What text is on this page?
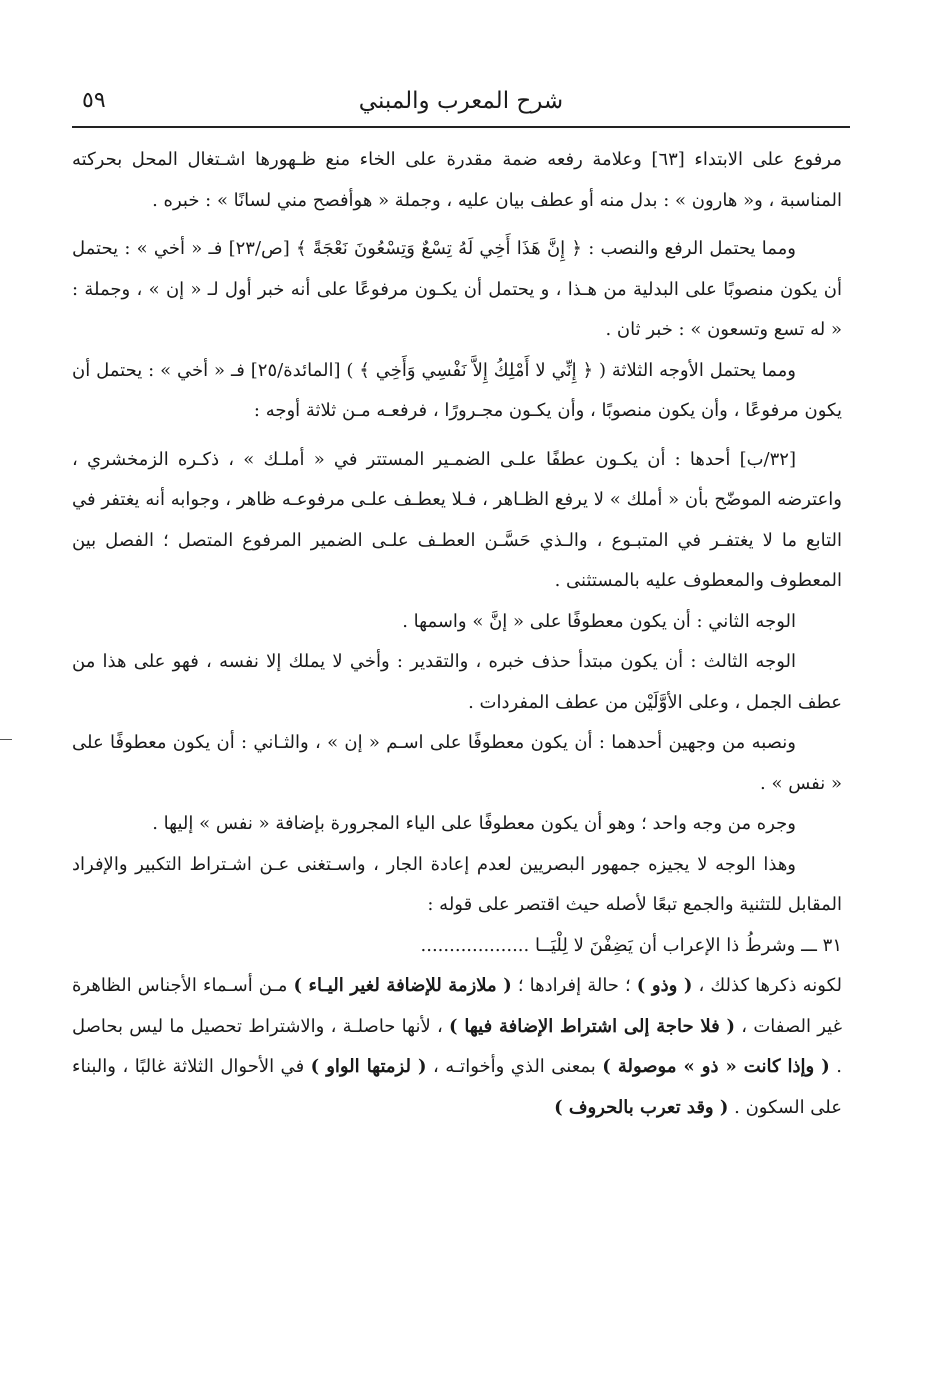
شرح المعرب والمبني
٥٩

مرفوع على الابتداء [٦٣] وعلامة رفعه ضمة مقدرة على الخاء منع ظـهورها اشـتغال المحل بحركته المناسبة ، و« هارون » : بدل منه أو عطف بيان عليه ، وجملة « هوأفصح مني لسانًا » : خبره .

ومما يحتمل الرفع والنصب : ﴿ إِنَّ هَذَا أَخِي لَهُ تِسْعٌ وَتِسْعُونَ نَعْجَةً ﴾ [ص/٢٣] فـ « أخي » : يحتمل أن يكون منصوبًا على البدلية من هـذا ، و يحتمل أن يكـون مرفوعًا على أنه خبر أول لـ « إن » ، وجملة : « له تسع وتسعون » : خبر ثان .

ومما يحتمل الأوجه الثلاثة ( ﴿ إِنِّي لا أَمْلِكُ إِلاَّ نَفْسِي وَأَخِي ﴾ ) [المائدة/٢٥] فـ « أخي » : يحتمل أن يكون مرفوعًا ، وأن يكون منصوبًا ، وأن يكـون مجـرورًا ، فرفعـه مـن ثلاثة أوجه :

[٣٢/ب] أحدها : أن يكـون عطفًا علـى الضمـير المستتر في « أملـك » ، ذكـره الزمخشري ، واعترضه الموضّح بأن « أملك » لا يرفع الظـاهر ، فـلا يعطـف علـى مرفوعـه ظاهر ، وجوابه أنه يغتفر في التابع ما لا يغتفـر في المتبـوع ، والـذي حَسَّـن العطـف علـى الضمير المرفوع المتصل ؛ الفصل بين المعطوف والمعطوف عليه بالمستثنى .

الوجه الثاني : أن يكون معطوفًا على « إنَّ » واسمها .

الوجه الثالث : أن يكون مبتدأ حذف خبره ، والتقدير : وأخي لا يملك إلا نفسه ، فهو على هذا من عطف الجمل ، وعلى الأوَّلَيْن من عطف المفردات .

ونصبه من وجهين أحدهما : أن يكون معطوفًا على اسـم « إن » ، والثـاني : أن يكون معطوفًا على « نفس » .

وجره من وجه واحد ؛ وهو أن يكون معطوفًا على الياء المجرورة بإضافة « نفس » إليها .

وهذا الوجه لا يجيزه جمهور البصريين لعدم إعادة الجار ، واسـتغنى عـن اشـتراط التكبير والإفراد المقابل للتثنية والجمع تبعًا لأصله حيث اقتصر على قوله :

٣١ ـــ وشرطُ ذا الإعراب أن يَضِفْنَ لا لِلْيَــا ...................

لكونه ذكرها كذلك ، ( وذو ) ؛ حالة إفرادها ؛ ( ملازمة للإضافة لغير اليـاء ) مـن أسـماء الأجناس الظاهرة غير الصفات ، ( فلا حاجة إلى اشتراط الإضافة فيها ) ، لأنها حاصلـة ، والاشتراط تحصيل ما ليس بحاصل . ( وإذا كانت « ذو » موصولة ) بمعنى الذي وأخواتـه ، ( لزمتها الواو ) في الأحوال الثلاثة غالبًا ، والبناء على السكون . ( وقد تعرب بالحروف )
